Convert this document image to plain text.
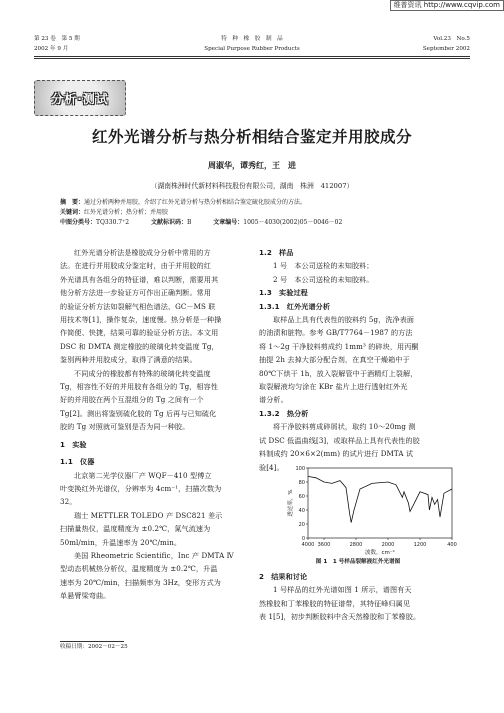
维普资讯 http://www.cqvip.com
第 23 卷　第 5 期
2002 年 9 月
特　种　橡　胶　制　品
Special Purpose Rubber Products
Vol.23　No.5
September 2002
分析·测试
红外光谱分析与热分析相结合鉴定并用胶成分
周淑华，谭秀红，王　进
（湖南株洲时代新材料科技股份有限公司，湖南　株洲　412007）
摘　要：通过分析两种并用胶，介绍了红外光谱分析与热分析相结合鉴定硫化胶成分的方法。
关键词：红外光谱分析；热分析；并用胶
中图分类号：TQ330.7⁺2	文献标识码：B	文章编号：1005－4030(2002)05－0046－02
红外光谱分析法是橡胶成分分析中常用的方
法。在进行并用胶成分鉴定时，由于并用胶的红
外光谱具有各组分的特征谱，难以判断，需要用其
他分析方法进一步验证方可作出正确判断。常用
的验证分析方法如裂解气相色谱法、GC－MS 联
用技术等[1]，操作复杂，速度慢。热分析是一种操
作简便、快捷，结果可靠的验证分析方法。本文用
DSC 和 DMTA 测定橡胶的玻璃化转变温度 Tg，
鉴别两种并用胶成分，取得了满意的结果。
不同成分的橡胶都有特殊的玻璃化转变温度
Tg，相容性不好的并用胶有各组分的 Tg，相容性
好的并用胶在两个互混组分的 Tg 之间有一个
Tg[2]。测出将鉴别硫化胶的 Tg 后再与已知硫化
胶的 Tg 对照就可鉴别是否为同一种胶。
1　实验
1.1　仪器
北京第二光学仪器厂产 WQF－410 型傅立
叶变换红外光谱仪，分辨率为 4cm⁻¹，扫描次数为
32。
瑞士 METTLER TOLEDO 产 DSC821 差示
扫描量热仪，温度精度为 ±0.2℃，氮气流速为
50ml/min，升温速率为 20℃/min。
美国 Rheometric Scientific，Inc 产 DMTA Ⅳ
型动态机械热分析仪，温度精度为 ±0.2℃，升温
速率为 20℃/min，扫描频率为 3Hz，变形方式为
单悬臂梁弯曲。
收稿日期：2002－02－25
1.2　样品
1 号　本公司送检的未知胶料；
2 号　本公司送检的未知胶料。
1.3　实验过程
1.3.1　红外光谱分析
取样品上具有代表性的胶料约 5g，洗净表面
的油渍和脏物。参考 GB/T7764－1987 的方法
将 1～2g 干净胶料剪成约 1mm³ 的碎块，用丙酮
抽提 2h 去掉大部分配合剂，在真空干燥箱中于
80℃下烘干 1h，放入裂解管中于酒精灯上裂解，
取裂解液均匀涂在 KBr 盐片上进行透射红外光
谱分析。
1.3.2　热分析
将干净胶料剪成碎屑状，取约 10～20mg 测
试 DSC 低温曲线[3]，或取样品上具有代表性的胶
料制成约 20×6×2(mm) 的试片进行 DMTA 试
验[4]。
0
20
40
60
80
100
4000 3600	2800	2000	1200	400
透过率，%
波数，cm⁻¹
图 1　1 号样品裂解液红外光谱图
2　结果和讨论
1 号样品的红外光谱如图 1 所示，谱图有天
然橡胶和丁苯橡胶的特征谱带，其特征峰归属见
表 1[5]，初步判断胶料中含天然橡胶和丁苯橡胶。
